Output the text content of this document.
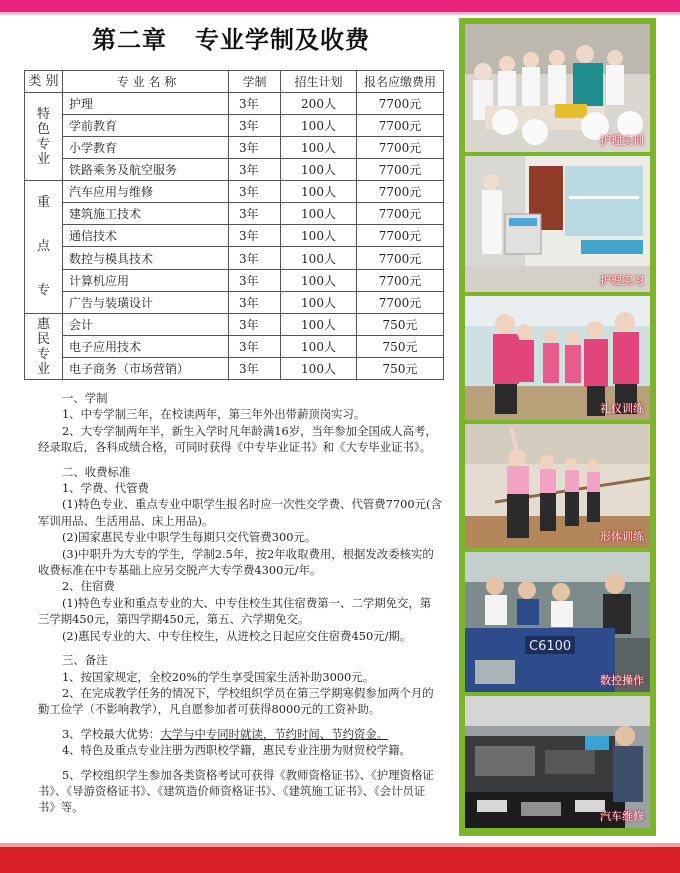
第二章 专业学制及收费
类 别	专 业 名 称	学制	招生计划	报名应缴费用
特色专业	护理	3年	200人	7700元
	学前教育	3年	100人	7700元
	小学教育	3年	100人	7700元
	铁路乘务及航空服务	3年	100人	7700元
重点专	汽车应用与维修	3年	100人	7700元
	建筑施工技术	3年	100人	7700元
	通信技术	3年	100人	7700元
	数控与模具技术	3年	100人	7700元
	计算机应用	3年	100人	7700元
	广告与装璜设计	3年	100人	7700元
惠民专业	会计	3年	100人	750元
	电子应用技术	3年	100人	750元
	电子商务（市场营销）	3年	100人	750元

一、学制

1、中专学制三年，在校读两年，第三年外出带薪顶岗实习。

2、大专学制两年半，新生入学时凡年龄满16岁，当年参加全国成人高考，经录取后，各科成绩合格，可同时获得《中专毕业证书》和《大专毕业证书》。

二、收费标准

1、学费、代管费

(1)特色专业、重点专业中职学生报名时应一次性交学费、代管费7700元(含军训用品、生活用品、床上用品)。

(2)国家惠民专业中职学生每期只交代管费300元。

(3)中职升为大专的学生，学制2.5年，按2年收取费用，根据发改委核实的收费标准在中专基础上应另交脱产大专学费4300元/年。

2、住宿费

(1)特色专业和重点专业的大、中专住校生其住宿费第一、二学期免交，第三学期450元，第四学期450元，第五、六学期免交。

(2)惠民专业的大、中专住校生，从进校之日起应交住宿费450元/期。

三、备注

1、按国家规定，全校20%的学生享受国家生活补助3000元。

2、在完成教学任务的情况下，学校组织学员在第三学期寒假参加两个月的勤工俭学（不影响教学），凡自愿参加者可获得8000元的工资补助。

3、学校最大优势：大学与中专同时就读，节约时间、节约资金。

4、特色及重点专业注册为西职校学籍，惠民专业注册为财贸校学籍。

5、学校组织学生参加各类资格考试可获得《教师资格证书》、《护理资格证书》、《导游资格证书》、《建筑造价师资格证书》、《建筑施工证书》、《会计员证书》等。

护理实训
护理实习
礼仪训练
形体训练
C6100
数控操作
汽车维修
